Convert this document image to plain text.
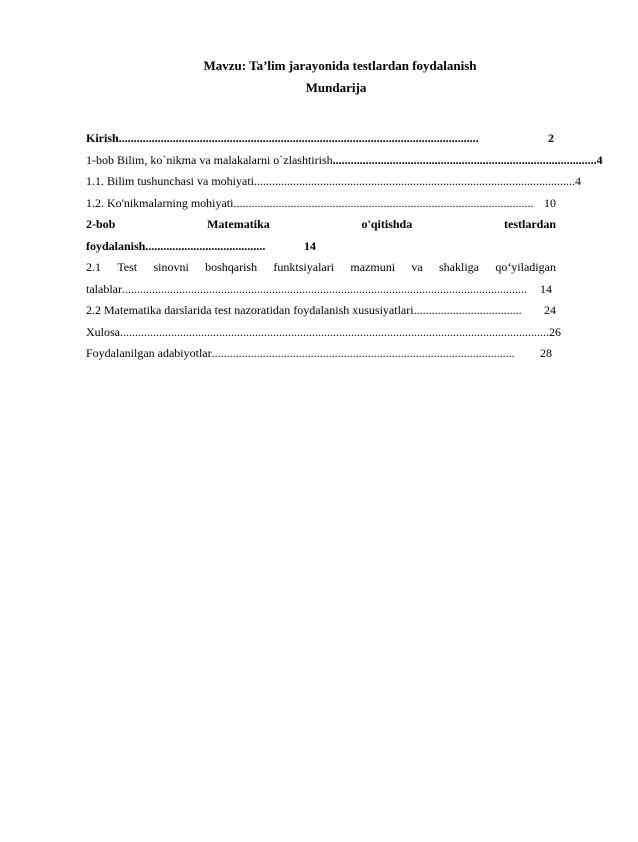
Mavzu: Ta’lim jarayonida testlardan foydalanish
Mundarija
Kirish ........................................................................................................................	2
1-bob Bilim, ko`nikma va malakalarni o`zlashtirish ........................................................................................ 4
1.1. Bilim tushunchasi va mohiyati ........................................................................................................... 4
1.2. Ko'nikmalarning mohiyati .................................................................................................... 10
2-bob	Matematika	o'qitishda	testlardan
foydalanish ........................................	14
2.1 Test sinovni boshqarish funktsiyalari mazmuni va shakliga qo‘yiladigan
talablar .......................................................................................................................................	14
2.2 Matematika darslarida test nazoratidan foydalanish xususiyatlari ....................................	24
Xulosa ............................................................................................................................................... 26
Foydalanilgan adabiyotlar .....................................................................................................	28
